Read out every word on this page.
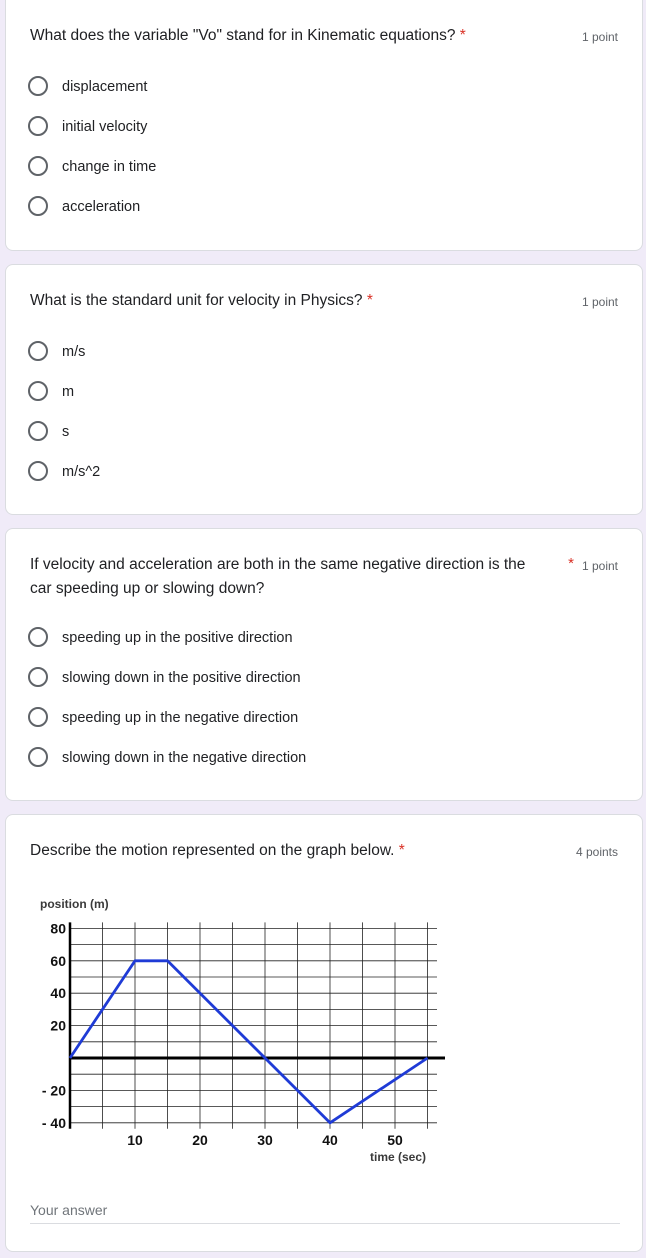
What does the variable "Vo" stand for in Kinematic equations? *	1 point
displacement
initial velocity
change in time
acceleration
What is the standard unit for velocity in Physics? *	1 point
m/s
m
s
m/s^2
If velocity and acceleration are both in the same negative direction is the
car speeding up or slowing down?
* 1 point
speeding up in the positive direction
slowing down in the positive direction
speeding up in the negative direction
slowing down in the negative direction
Describe the motion represented on the graph below. *	4 points
position (m)
time (sec)
80
60
40
20
- 20
- 40
10	20	30	40	50
Your answer
